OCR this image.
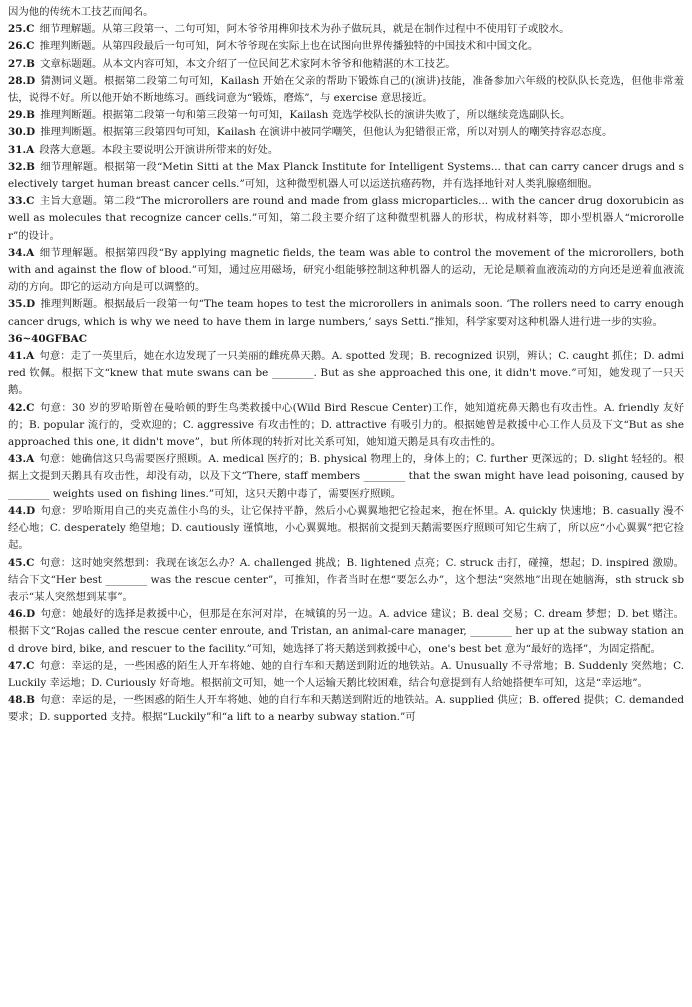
因为他的传统木工技艺而闻名。

25.C  细节理解题。从第三段第一、二句可知，阿木爷爷用榫卯技术为孙子做玩具，就是在制作过程中不使用钉子或胶水。

26.C  推理判断题。从第四段最后一句可知，阿木爷爷现在实际上也在试图向世界传播独特的中国技术和中国文化。

27.B  文章标题题。从本文内容可知，本文介绍了一位民间艺术家阿木爷爷和他精湛的木工技艺。

28.D  猜测词义题。根据第二段第二句可知，Kailash 开始在父亲的帮助下锻炼自己的(演讲)技能，准备参加六年级的校队队长竞选，但他非常羞怯，说得不好。所以他开始不断地练习。画线词意为“锻炼，磨炼”，与 exercise 意思接近。

29.B  推理判断题。根据第二段第一句和第三段第一句可知，Kailash 竞选学校队长的演讲失败了，所以继续竞选副队长。

30.D  推理判断题。根据第三段第四句可知，Kailash 在演讲中被同学嘲笑，但他认为犯错很正常，所以对别人的嘲笑持容忍态度。

31.A  段落大意题。本段主要说明公开演讲所带来的好处。

32.B  细节理解题。根据第一段“Metin Sitti at the Max Planck Institute for Intelligent Systems... that can carry cancer drugs and selectively target human breast cancer cells.”可知，这种微型机器人可以运送抗癌药物，并有选择地针对人类乳腺癌细胞。

33.C  主旨大意题。第二段“The microrollers are round and made from glass microparticles... with the cancer drug doxorubicin as well as molecules that recognize cancer cells.”可知，第二段主要介绍了这种微型机器人的形状，构成材料等，即小型机器人“microroller”的设计。

34.A  细节理解题。根据第四段“By applying magnetic fields, the team was able to control the movement of the microrollers, both with and against the flow of blood.”可知，通过应用磁场，研究小组能够控制这种机器人的运动，无论是顺着血液流动的方向还是逆着血液流动的方向。即它的运动方向是可以调整的。

35.D  推理判断题。根据最后一段第一句“The team hopes to test the microrollers in animals soon. ‘The rollers need to carry enough cancer drugs, which is why we need to have them in large numbers,’ says Setti.”推知，科学家要对这种机器人进行进一步的实验。

36~40GFBAC 

41.A  句意：走了一英里后，她在水边发现了一只美丽的雌疣鼻天鹅。A. spotted 发现；B. recognized 识别，辨认；C. caught 抓住；D. admired 钦佩。根据下文“knew that mute swans can be ________. But as she approached this one, it didn't move.”可知，她发现了一只天鹅。

42.C  句意：30 岁的罗哈斯曾在曼哈顿的野生鸟类救援中心(Wild Bird Rescue Center)工作，她知道疣鼻天鹅也有攻击性。A. friendly 友好的；B. popular 流行的，受欢迎的；C. aggressive 有攻击性的；D. attractive 有吸引力的。根据她曾是救援中心工作人员及下文“But as she approached this one, it didn't move”，but 所体现的转折对比关系可知，她知道天鹅是具有攻击性的。

43.A  句意：她确信这只鸟需要医疗照顾。A. medical 医疗的；B. physical 物理上的，身体上的；C. further 更深远的；D. slight 轻轻的。根据上文提到天鹅具有攻击性，却没有动，以及下文“There, staff members ________ that the swan might have lead poisoning, caused by ________ weights used on fishing lines.”可知，这只天鹅中毒了，需要医疗照顾。

44.D  句意：罗哈斯用自己的夹克盖住小鸟的头，让它保持平静，然后小心翼翼地把它捡起来，抱在怀里。A. quickly 快速地；B. casually 漫不经心地；C. desperately 绝望地；D. cautiously 谨慎地，小心翼翼地。根据前文提到天鹅需要医疗照顾可知它生病了，所以应“小心翼翼”把它捡起。

45.C  句意：这时她突然想到：我现在该怎么办？A. challenged 挑战；B. lightened 点亮；C. struck 击打，碰撞，想起；D. inspired 激励。结合下文“Her best ________ was the rescue center”，可推知，作者当时在想“要怎么办”，这个想法“突然地”出现在她脑海，sth struck sb 表示“某人突然想到某事”。

46.D  句意：她最好的选择是救援中心，但那是在东河对岸，在城镇的另一边。A. advice 建议；B. deal 交易；C. dream 梦想；D. bet 赌注。根据下文“Rojas called the rescue center enroute, and Tristan, an animal-care manager, ________ her up at the subway station and drove bird, bike, and rescuer to the facility.”可知，她选择了将天鹅送到救援中心，one's best bet 意为“最好的选择”，为固定搭配。

47.C  句意：幸运的是，一些困惑的陌生人开车将她、她的自行车和天鹅送到附近的地铁站。A. Unusually 不寻常地；B. Suddenly 突然地；C. Luckily 幸运地；D. Curiously 好奇地。根据前文可知，她一个人运输天鹅比较困难，结合句意提到有人给她搭便车可知，这是“幸运地”。

48.B  句意：幸运的是，一些困惑的陌生人开车将她、她的自行车和天鹅送到附近的地铁站。A. supplied 供应；B. offered 提供；C. demanded 要求；D. supported 支持。根据“Luckily”和“a lift to a nearby subway station.”可
